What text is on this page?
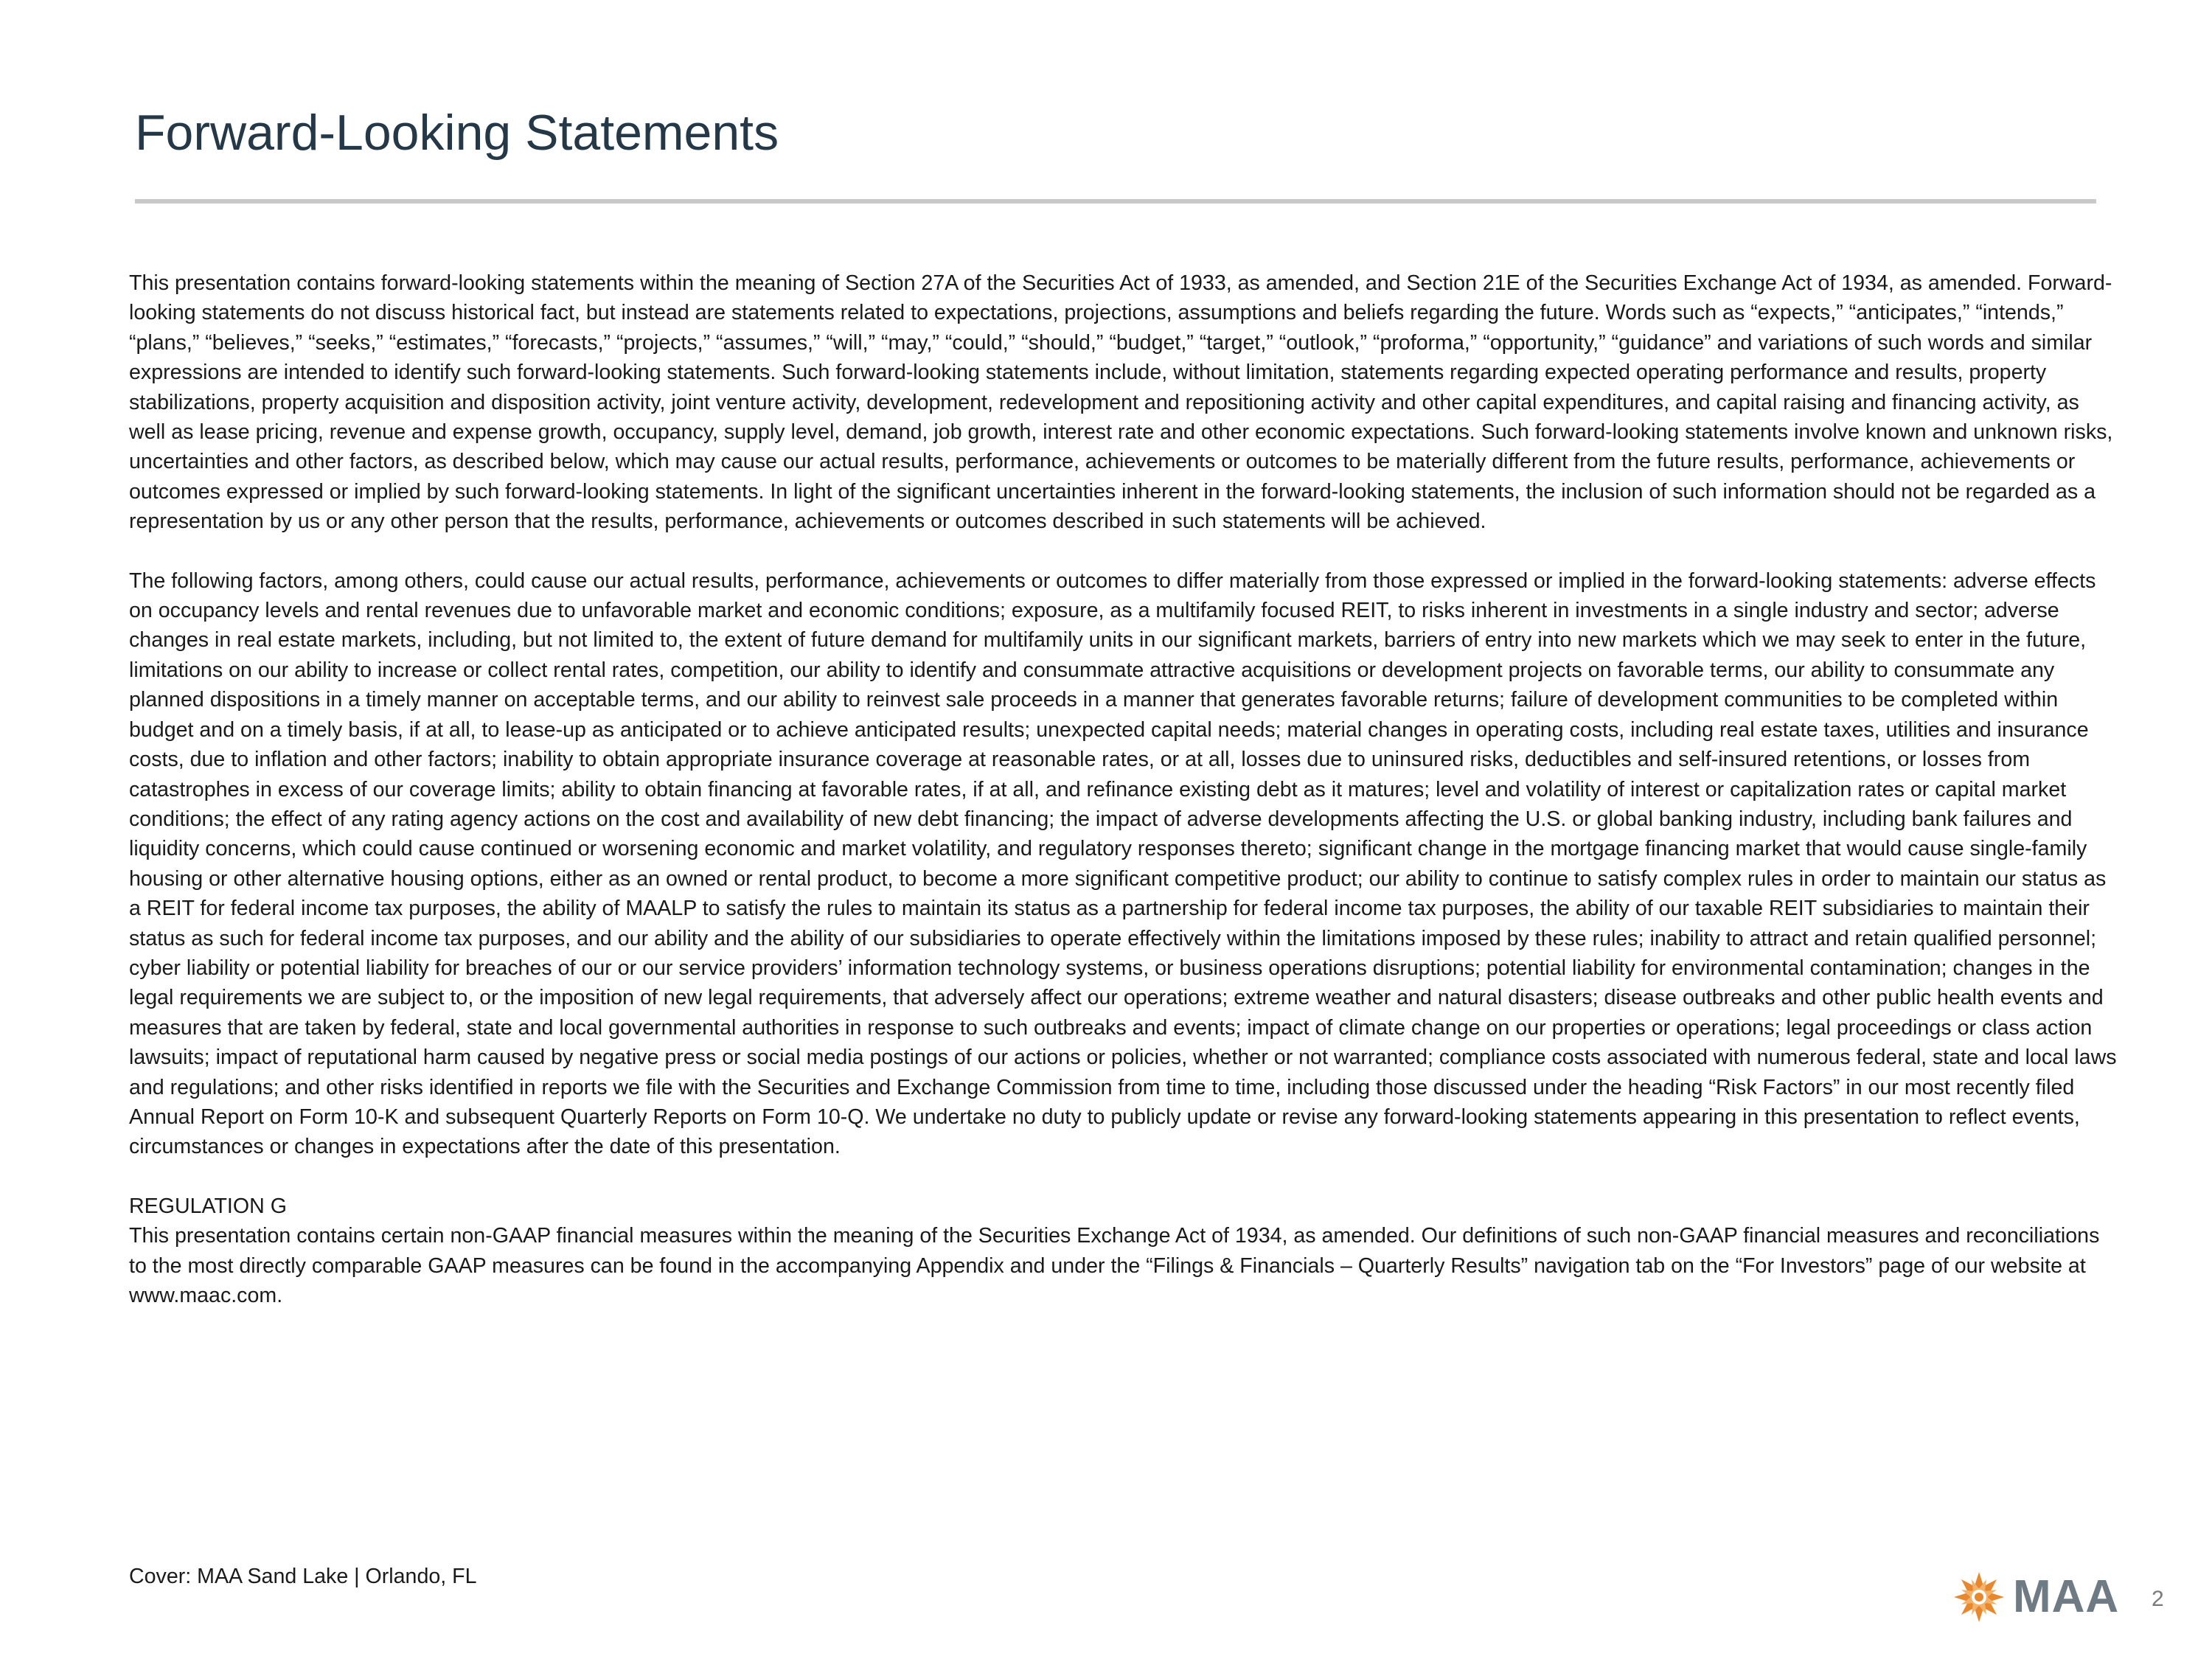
Forward-Looking Statements

This presentation contains forward-looking statements within the meaning of Section 27A of the Securities Act of 1933, as amended, and Section 21E of the Securities Exchange Act of 1934, as amended. Forward-looking statements do not discuss historical fact, but instead are statements related to expectations, projections, assumptions and beliefs regarding the future. Words such as “expects,” “anticipates,” “intends,” “plans,” “believes,” “seeks,” “estimates,” “forecasts,” “projects,” “assumes,” “will,” “may,” “could,” “should,” “budget,” “target,” “outlook,” “proforma,” “opportunity,” “guidance” and variations of such words and similar expressions are intended to identify such forward-looking statements. Such forward-looking statements include, without limitation, statements regarding expected operating performance and results, property stabilizations, property acquisition and disposition activity, joint venture activity, development, redevelopment and repositioning activity and other capital expenditures, and capital raising and financing activity, as well as lease pricing, revenue and expense growth, occupancy, supply level, demand, job growth, interest rate and other economic expectations. Such forward-looking statements involve known and unknown risks, uncertainties and other factors, as described below, which may cause our actual results, performance, achievements or outcomes to be materially different from the future results, performance, achievements or outcomes expressed or implied by such forward-looking statements. In light of the significant uncertainties inherent in the forward-looking statements, the inclusion of such information should not be regarded as a representation by us or any other person that the results, performance, achievements or outcomes described in such statements will be achieved.

The following factors, among others, could cause our actual results, performance, achievements or outcomes to differ materially from those expressed or implied in the forward-looking statements: adverse effects on occupancy levels and rental revenues due to unfavorable market and economic conditions; exposure, as a multifamily focused REIT, to risks inherent in investments in a single industry and sector; adverse changes in real estate markets, including, but not limited to, the extent of future demand for multifamily units in our significant markets, barriers of entry into new markets which we may seek to enter in the future, limitations on our ability to increase or collect rental rates, competition, our ability to identify and consummate attractive acquisitions or development projects on favorable terms, our ability to consummate any planned dispositions in a timely manner on acceptable terms, and our ability to reinvest sale proceeds in a manner that generates favorable returns; failure of development communities to be completed within budget and on a timely basis, if at all, to lease-up as anticipated or to achieve anticipated results; unexpected capital needs; material changes in operating costs, including real estate taxes, utilities and insurance costs, due to inflation and other factors; inability to obtain appropriate insurance coverage at reasonable rates, or at all, losses due to uninsured risks, deductibles and self-insured retentions, or losses from catastrophes in excess of our coverage limits; ability to obtain financing at favorable rates, if at all, and refinance existing debt as it matures; level and volatility of interest or capitalization rates or capital market conditions; the effect of any rating agency actions on the cost and availability of new debt financing; the impact of adverse developments affecting the U.S. or global banking industry, including bank failures and liquidity concerns, which could cause continued or worsening economic and market volatility, and regulatory responses thereto; significant change in the mortgage financing market that would cause single-family housing or other alternative housing options, either as an owned or rental product, to become a more significant competitive product; our ability to continue to satisfy complex rules in order to maintain our status as a REIT for federal income tax purposes, the ability of MAALP to satisfy the rules to maintain its status as a partnership for federal income tax purposes, the ability of our taxable REIT subsidiaries to maintain their status as such for federal income tax purposes, and our ability and the ability of our subsidiaries to operate effectively within the limitations imposed by these rules; inability to attract and retain qualified personnel; cyber liability or potential liability for breaches of our or our service providers’ information technology systems, or business operations disruptions; potential liability for environmental contamination; changes in the legal requirements we are subject to, or the imposition of new legal requirements, that adversely affect our operations; extreme weather and natural disasters; disease outbreaks and other public health events and measures that are taken by federal, state and local governmental authorities in response to such outbreaks and events; impact of climate change on our properties or operations; legal proceedings or class action lawsuits; impact of reputational harm caused by negative press or social media postings of our actions or policies, whether or not warranted; compliance costs associated with numerous federal, state and local laws and regulations; and other risks identified in reports we file with the Securities and Exchange Commission from time to time, including those discussed under the heading “Risk Factors” in our most recently filed Annual Report on Form 10-K and subsequent Quarterly Reports on Form 10-Q. We undertake no duty to publicly update or revise any forward-looking statements appearing in this presentation to reflect events, circumstances or changes in expectations after the date of this presentation.

REGULATION G

This presentation contains certain non-GAAP financial measures within the meaning of the Securities Exchange Act of 1934, as amended. Our definitions of such non-GAAP financial measures and reconciliations to the most directly comparable GAAP measures can be found in the accompanying Appendix and under the “Filings & Financials – Quarterly Results” navigation tab on the “For Investors” page of our website at www.maac.com.

Cover: MAA Sand Lake | Orlando, FL	MAA 2
